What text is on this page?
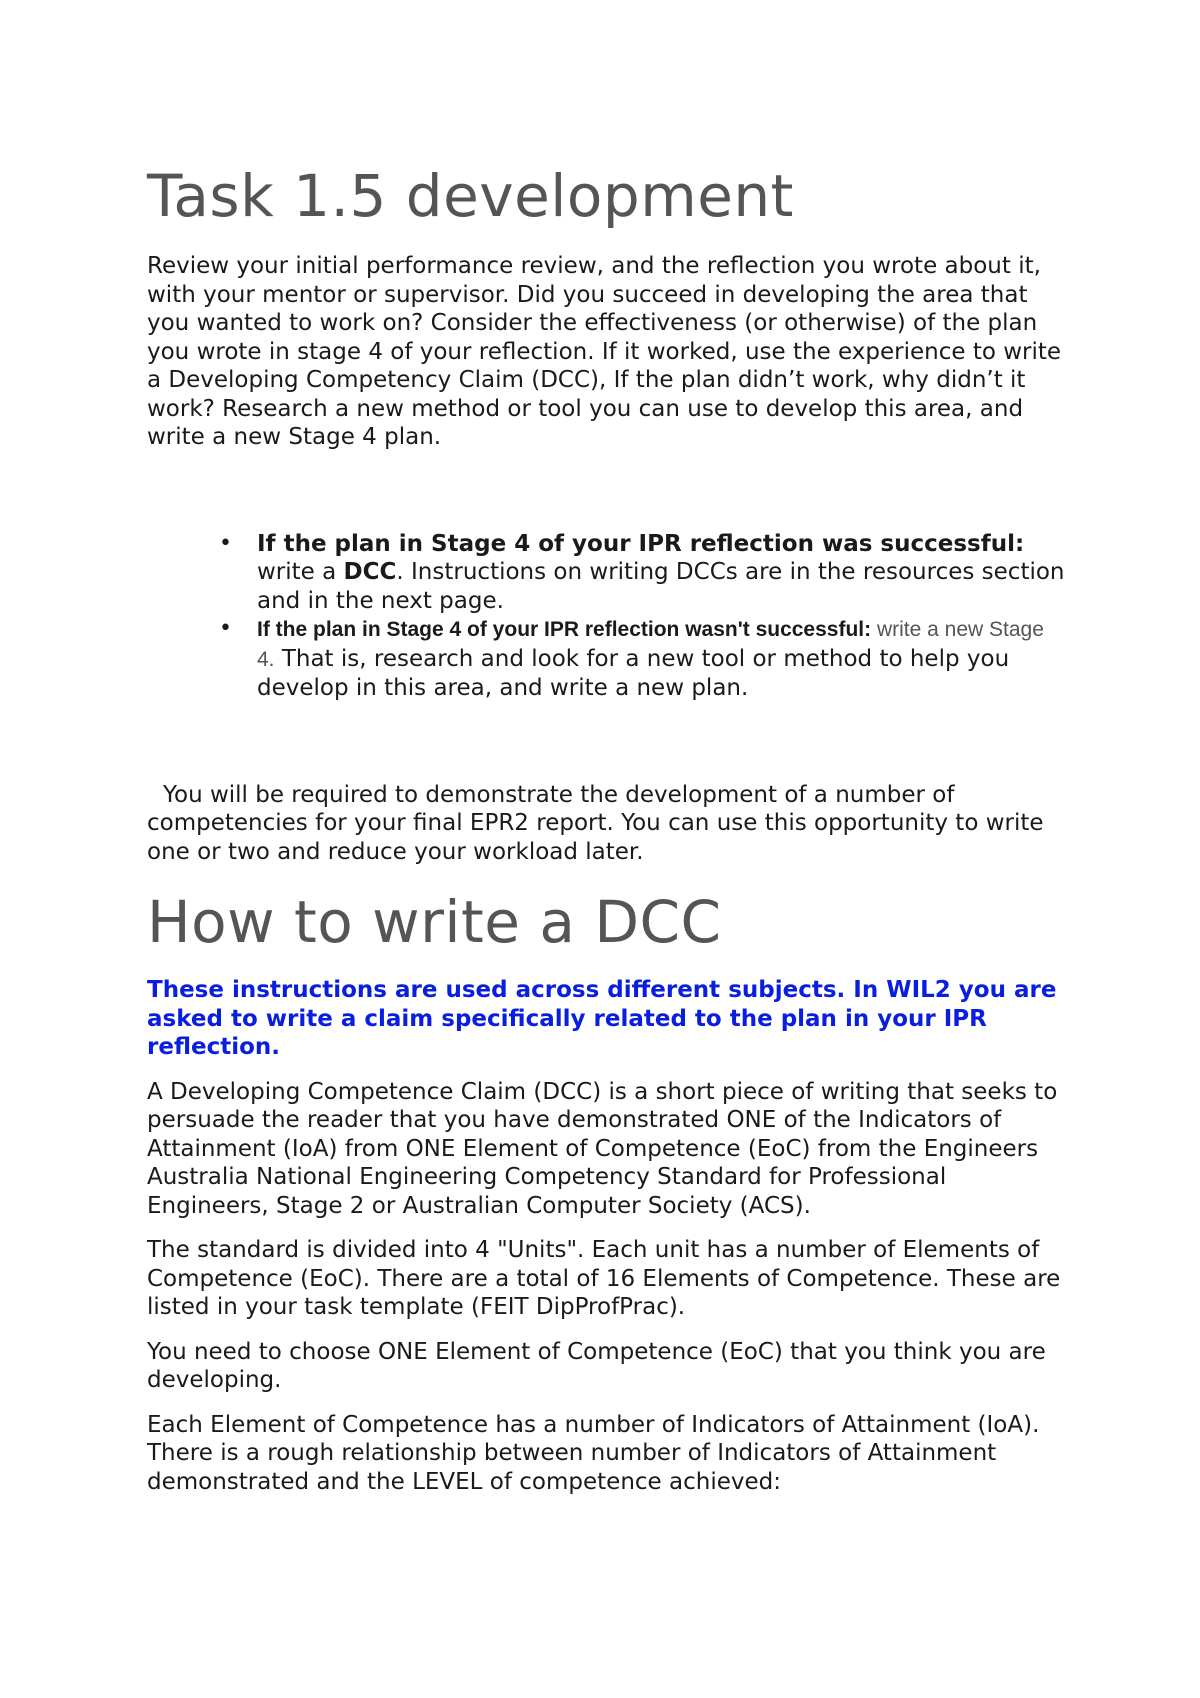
Task 1.5 development

Review your initial performance review, and the reflection you wrote about it, with your mentor or supervisor. Did you succeed in developing the area that you wanted to work on? Consider the effectiveness (or otherwise) of the plan you wrote in stage 4 of your reflection. If it worked, use the experience to write a Developing Competency Claim (DCC), If the plan didn’t work, why didn’t it work? Research a new method or tool you can use to develop this area, and write a new Stage 4 plan.

• If the plan in Stage 4 of your IPR reflection was successful: write a DCC. Instructions on writing DCCs are in the resources section and in the next page.
• If the plan in Stage 4 of your IPR reflection wasn't successful: write a new Stage 4. That is, research and look for a new tool or method to help you develop in this area, and write a new plan.

You will be required to demonstrate the development of a number of competencies for your final EPR2 report. You can use this opportunity to write one or two and reduce your workload later.

How to write a DCC

These instructions are used across different subjects. In WIL2 you are asked to write a claim specifically related to the plan in your IPR reflection.

A Developing Competence Claim (DCC) is a short piece of writing that seeks to persuade the reader that you have demonstrated ONE of the Indicators of Attainment (IoA) from ONE Element of Competence (EoC) from the Engineers Australia National Engineering Competency Standard for Professional Engineers, Stage 2 or Australian Computer Society (ACS).

The standard is divided into 4 "Units". Each unit has a number of Elements of Competence (EoC). There are a total of 16 Elements of Competence. These are listed in your task template (FEIT DipProfPrac).

You need to choose ONE Element of Competence (EoC) that you think you are developing.

Each Element of Competence has a number of Indicators of Attainment (IoA). There is a rough relationship between number of Indicators of Attainment demonstrated and the LEVEL of competence achieved:
